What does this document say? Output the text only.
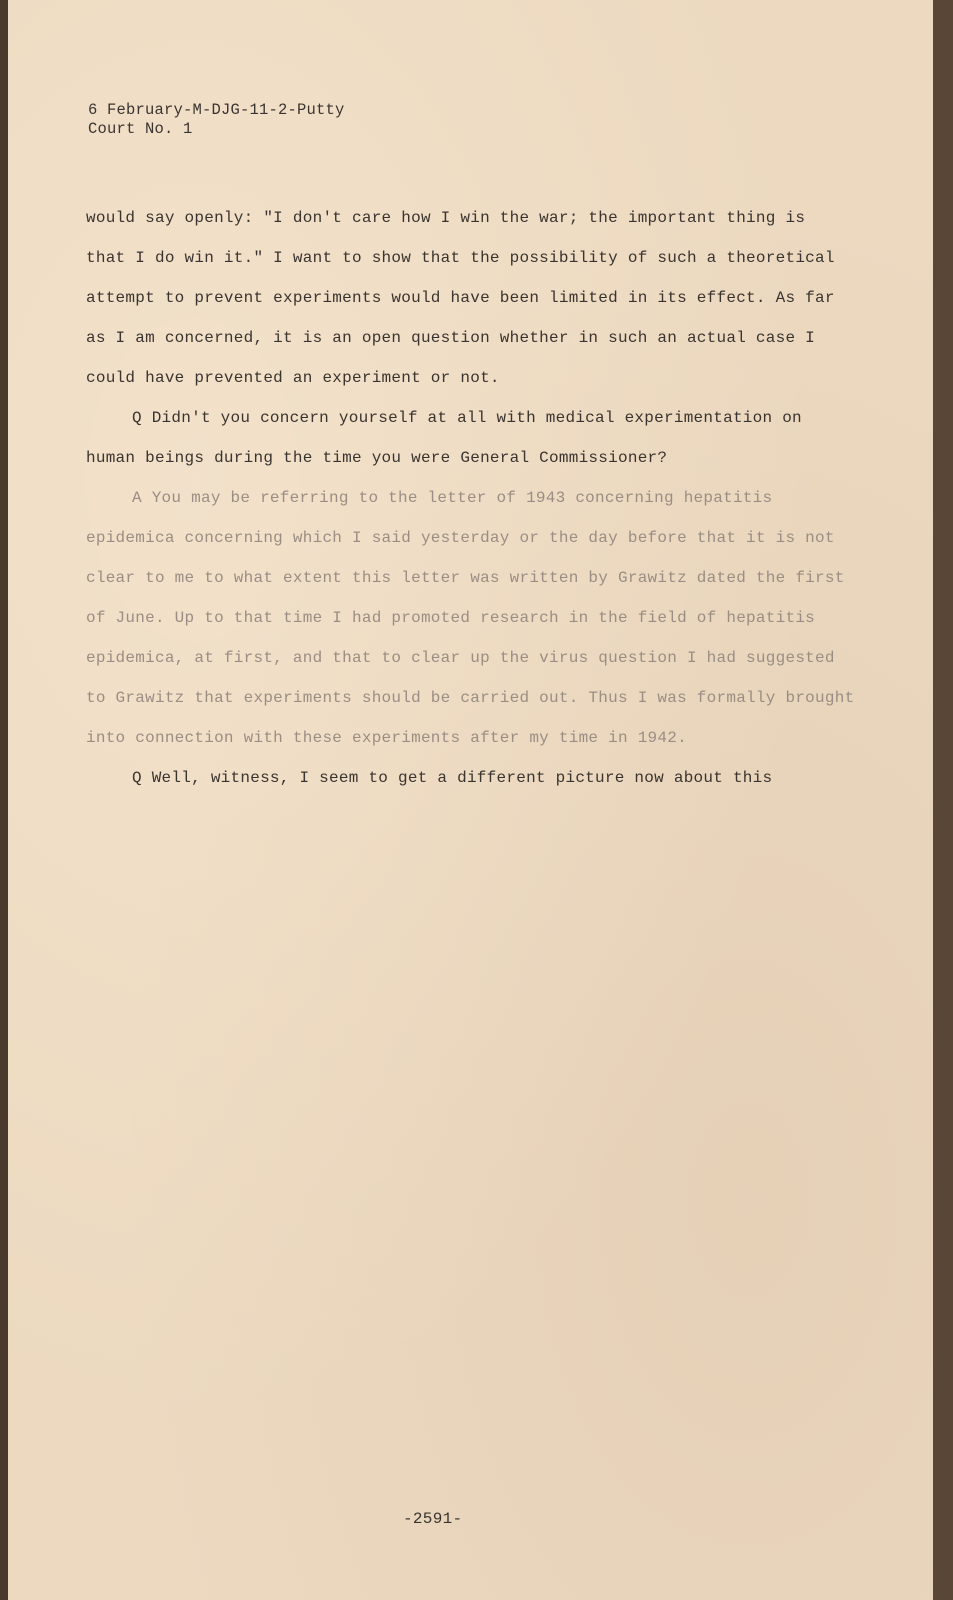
6 February-M-DJG-11-2-Putty
Court No. 1
would say openly: "I don't care how I win the war; the important thing is
that I do win it." I want to show that the possibility of such a theoretical
attempt to prevent experiments would have been limited in its effect. As far
as I am concerned, it is an open question whether in such an actual case I
could have prevented an experiment or not.
Q Didn't you concern yourself at all with medical experimentation on
human beings during the time you were General Commissioner?
A You may be referring to the letter of 1943 concerning hepatitis
epidemica concerning which I said yesterday or the day before that it is not
clear to me to what extent this letter was written by Grawitz dated the first
of June. Up to that time I had promoted research in the field of hepatitis
epidemica, at first, and that to clear up the virus question I had suggested
to Grawitz that experiments should be carried out. Thus I was formally brought
into connection with these experiments after my time in 1942.
Q Well, witness, I seem to get a different picture now about this
-2591-
